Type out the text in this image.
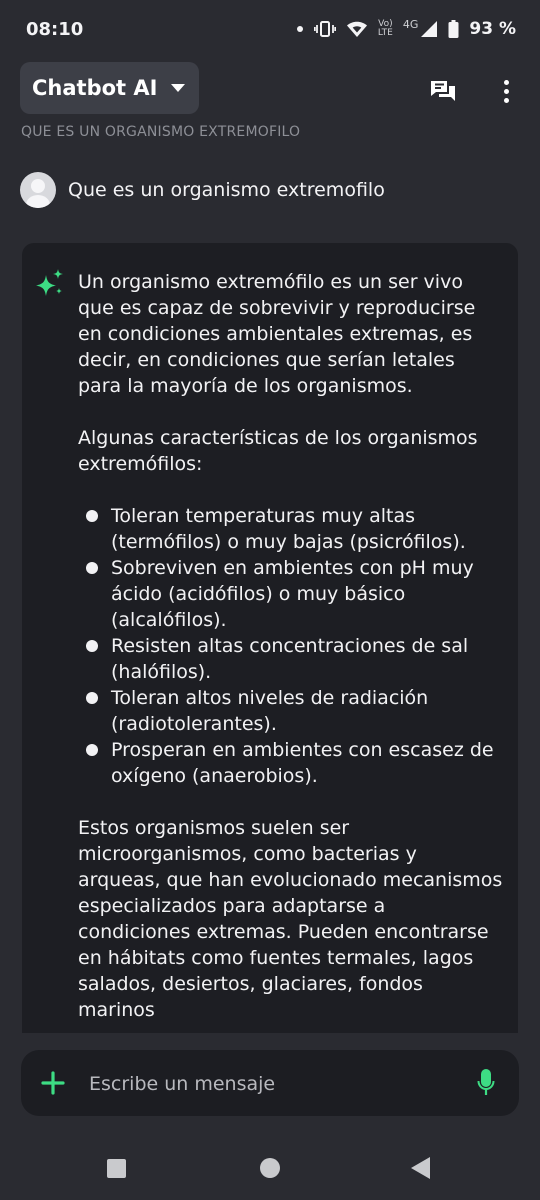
08:10	Vo)
LTE
4G	93 %
Chatbot AI
QUE ES UN ORGANISMO EXTREMOFILO
Que es un organismo extremofilo

Un organismo extremófilo es un ser vivo que es capaz de sobrevivir y reproducirse en condiciones ambientales extremas, es decir, en condiciones que serían letales para la mayoría de los organismos.

Algunas características de los organismos extremófilos:

Toleran temperaturas muy altas (termófilos) o muy bajas (psicrófilos).
Sobreviven en ambientes con pH muy ácido (acidófilos) o muy básico (alcalófilos).
Resisten altas concentraciones de sal (halófilos).
Toleran altos niveles de radiación (radiotolerantes).
Prosperan en ambientes con escasez de oxígeno (anaerobios).

Estos organismos suelen ser microorganismos, como bacterias y arqueas, que han evolucionado mecanismos especializados para adaptarse a condiciones extremas. Pueden encontrarse en hábitats como fuentes termales, lagos salados, desiertos, glaciares, fondos marinos

Escribe un mensaje
